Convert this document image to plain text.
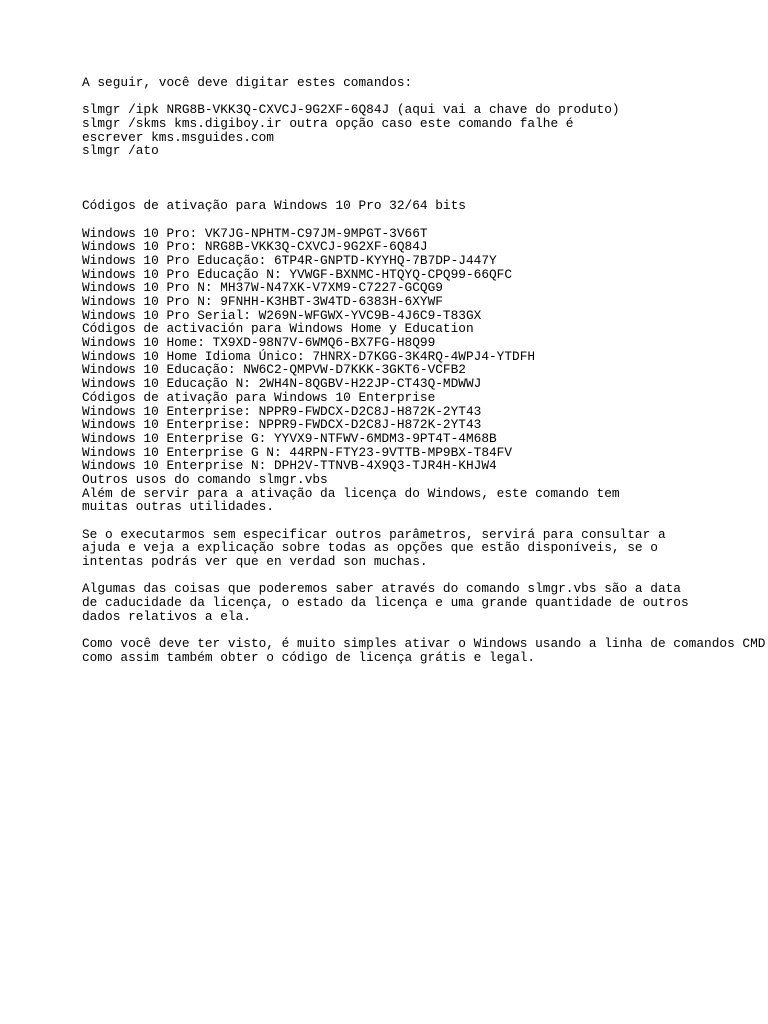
A seguir, você deve digitar estes comandos:
slmgr /ipk NRG8B-VKK3Q-CXVCJ-9G2XF-6Q84J (aqui vai a chave do produto)
slmgr /skms kms.digiboy.ir outra opção caso este comando falhe é
escrever kms.msguides.com
slmgr /ato
Códigos de ativação para Windows 10 Pro 32/64 bits
Windows 10 Pro: VK7JG-NPHTM-C97JM-9MPGT-3V66T
Windows 10 Pro: NRG8B-VKK3Q-CXVCJ-9G2XF-6Q84J
Windows 10 Pro Educação: 6TP4R-GNPTD-KYYHQ-7B7DP-J447Y
Windows 10 Pro Educação N: YVWGF-BXNMC-HTQYQ-CPQ99-66QFC
Windows 10 Pro N: MH37W-N47XK-V7XM9-C7227-GCQG9
Windows 10 Pro N: 9FNHH-K3HBT-3W4TD-6383H-6XYWF
Windows 10 Pro Serial: W269N-WFGWX-YVC9B-4J6C9-T83GX
Códigos de activación para Windows Home y Education
Windows 10 Home: TX9XD-98N7V-6WMQ6-BX7FG-H8Q99
Windows 10 Home Idioma Único: 7HNRX-D7KGG-3K4RQ-4WPJ4-YTDFH
Windows 10 Educação: NW6C2-QMPVW-D7KKK-3GKT6-VCFB2
Windows 10 Educação N: 2WH4N-8QGBV-H22JP-CT43Q-MDWWJ
Códigos de ativação para Windows 10 Enterprise
Windows 10 Enterprise: NPPR9-FWDCX-D2C8J-H872K-2YT43
Windows 10 Enterprise: NPPR9-FWDCX-D2C8J-H872K-2YT43
Windows 10 Enterprise G: YYVX9-NTFWV-6MDM3-9PT4T-4M68B
Windows 10 Enterprise G N: 44RPN-FTY23-9VTTB-MP9BX-T84FV
Windows 10 Enterprise N: DPH2V-TTNVB-4X9Q3-TJR4H-KHJW4
Outros usos do comando slmgr.vbs
Além de servir para a ativação da licença do Windows, este comando tem
muitas outras utilidades.
Se o executarmos sem especificar outros parâmetros, servirá para consultar a
ajuda e veja a explicação sobre todas as opções que estão disponíveis, se o
intentas podrás ver que en verdad son muchas.
Algumas das coisas que poderemos saber através do comando slmgr.vbs são a data
de caducidade da licença, o estado da licença e uma grande quantidade de outros
dados relativos a ela.
Como você deve ter visto, é muito simples ativar o Windows usando a linha de comandos CMD
como assim também obter o código de licença grátis e legal.
